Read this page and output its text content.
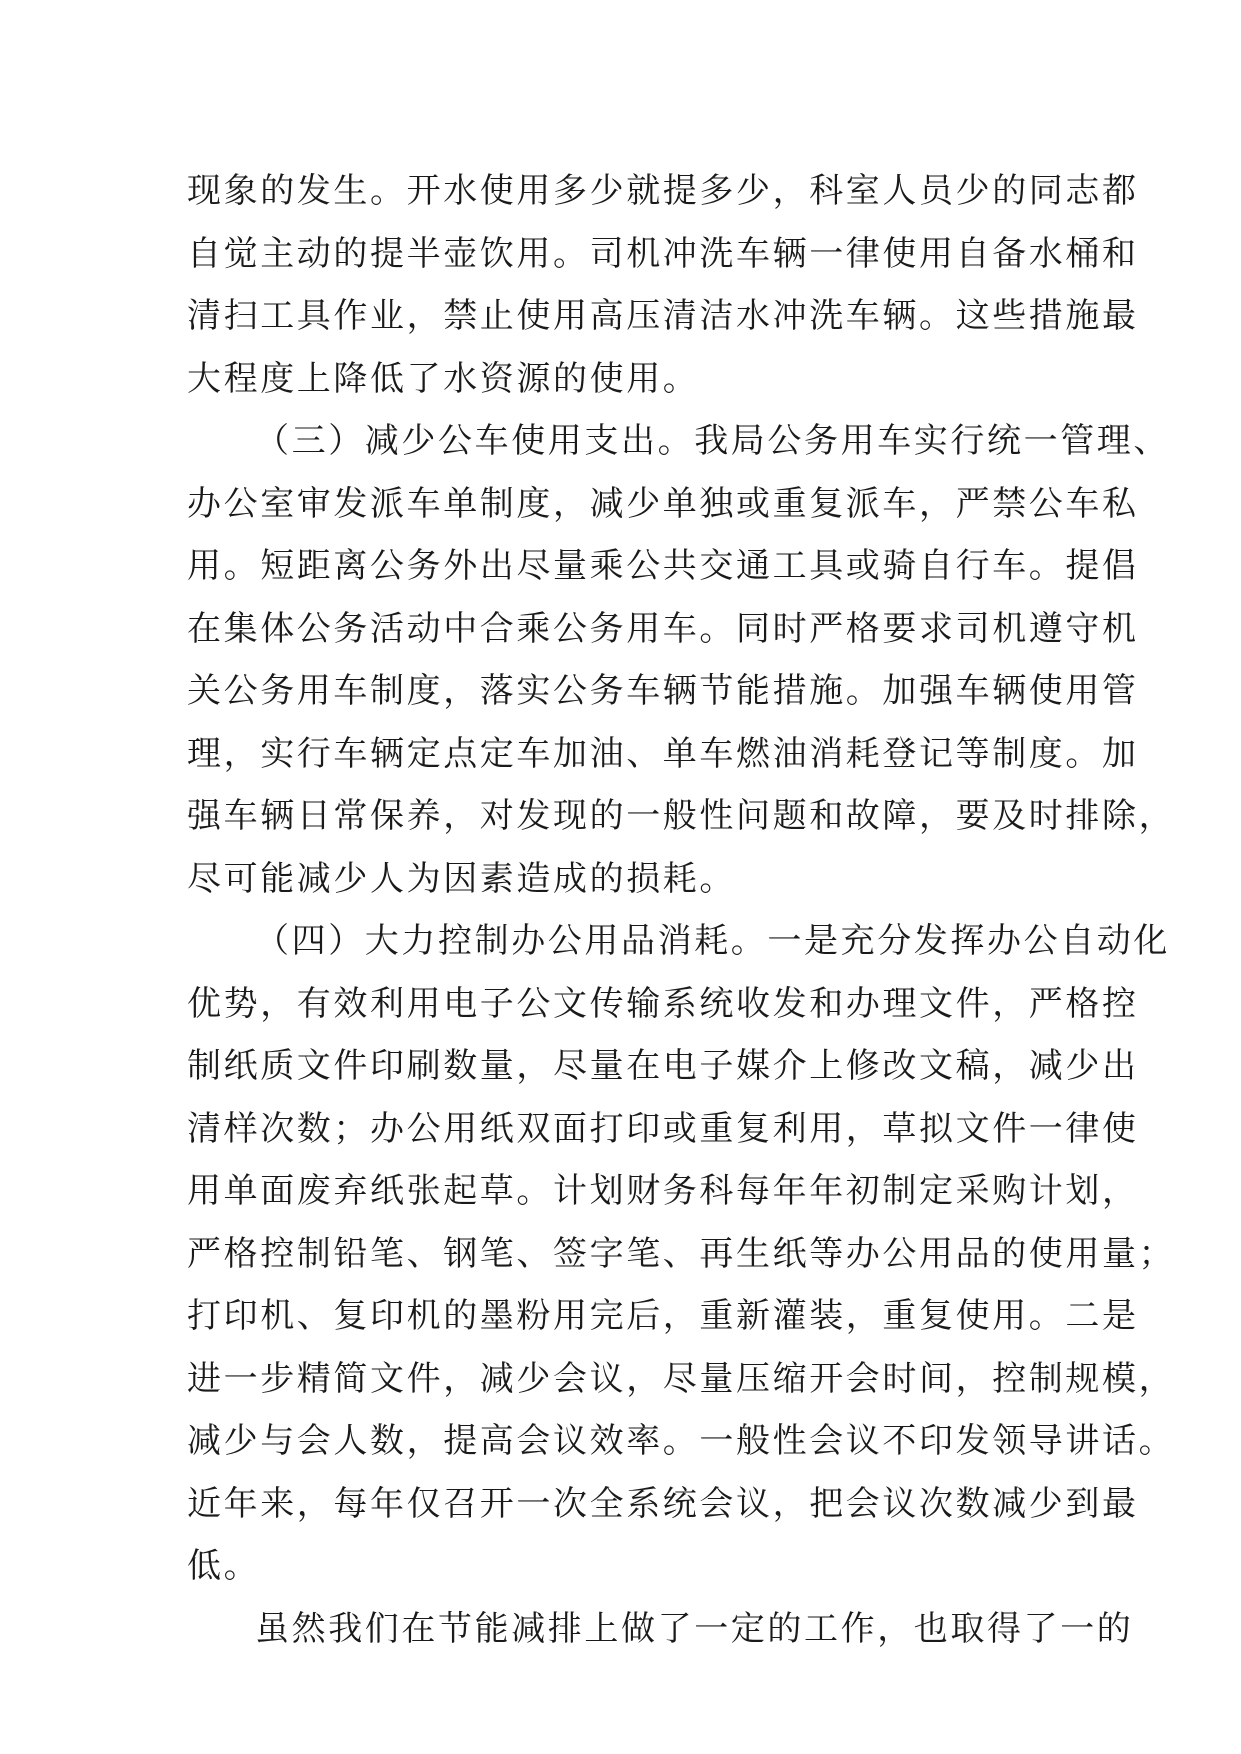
现象的发生。开水使用多少就提多少，科室人员少的同志都
自觉主动的提半壶饮用。司机冲洗车辆一律使用自备水桶和
清扫工具作业，禁止使用高压清洁水冲洗车辆。这些措施最
大程度上降低了水资源的使用。
（三）减少公车使用支出。我局公务用车实行统一管理、
办公室审发派车单制度，减少单独或重复派车，严禁公车私
用。短距离公务外出尽量乘公共交通工具或骑自行车。提倡
在集体公务活动中合乘公务用车。同时严格要求司机遵守机
关公务用车制度，落实公务车辆节能措施。加强车辆使用管
理，实行车辆定点定车加油、单车燃油消耗登记等制度。加
强车辆日常保养，对发现的一般性问题和故障，要及时排除，
尽可能减少人为因素造成的损耗。
（四）大力控制办公用品消耗。一是充分发挥办公自动化
优势，有效利用电子公文传输系统收发和办理文件，严格控
制纸质文件印刷数量，尽量在电子媒介上修改文稿，减少出
清样次数；办公用纸双面打印或重复利用，草拟文件一律使
用单面废弃纸张起草。计划财务科每年年初制定采购计划，
严格控制铅笔、钢笔、签字笔、再生纸等办公用品的使用量；
打印机、复印机的墨粉用完后，重新灌装，重复使用。二是
进一步精简文件，减少会议，尽量压缩开会时间，控制规模，
减少与会人数，提高会议效率。一般性会议不印发领导讲话。
近年来，每年仅召开一次全系统会议，把会议次数减少到最
低。
虽然我们在节能减排上做了一定的工作，也取得了一的
